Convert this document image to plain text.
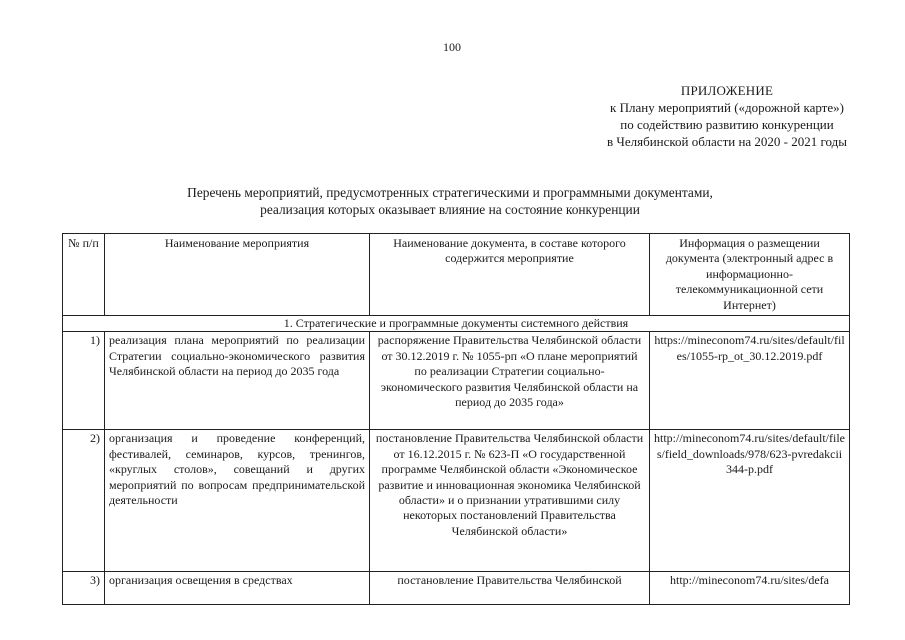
100
ПРИЛОЖЕНИЕ
к Плану мероприятий («дорожной карте»)
по содействию развитию конкуренции
в Челябинской области на 2020 - 2021 годы
Перечень мероприятий, предусмотренных стратегическими и программными документами,
реализация которых оказывает влияние на состояние конкуренции
№ п/п	Наименование мероприятия	Наименование документа, в составе которого содержится мероприятие	Информация о размещении документа (электронный адрес в информационно-телекоммуникационной сети Интернет)
1. Стратегические и программные документы системного действия			
1)	реализация плана мероприятий по реализации Стратегии социально-экономического развития Челябинской области на период до 2035 года	распоряжение Правительства Челябинской области от 30.12.2019 г. № 1055-рп «О плане мероприятий по реализации Стратегии социально-экономического развития Челябинской области на период до 2035 года»	https://mineconom74.ru/sites/default/files/1055-rp_ot_30.12.2019.pdf
2)	организация и проведение конференций, фестивалей, семинаров, курсов, тренингов, «круглых столов», совещаний и других мероприятий по вопросам предпринимательской деятельности	постановление Правительства Челябинской области от 16.12.2015 г. № 623-П «О государственной программе Челябинской области «Экономическое развитие и инновационная экономика Челябинской области» и о признании утратившими силу некоторых постановлений Правительства Челябинской области»	http://mineconom74.ru/sites/default/files/field_downloads/978/623-pvredakcii344-p.pdf
3)	организация освещения в средствах	постановление Правительства Челябинской	http://mineconom74.ru/sites/defa
